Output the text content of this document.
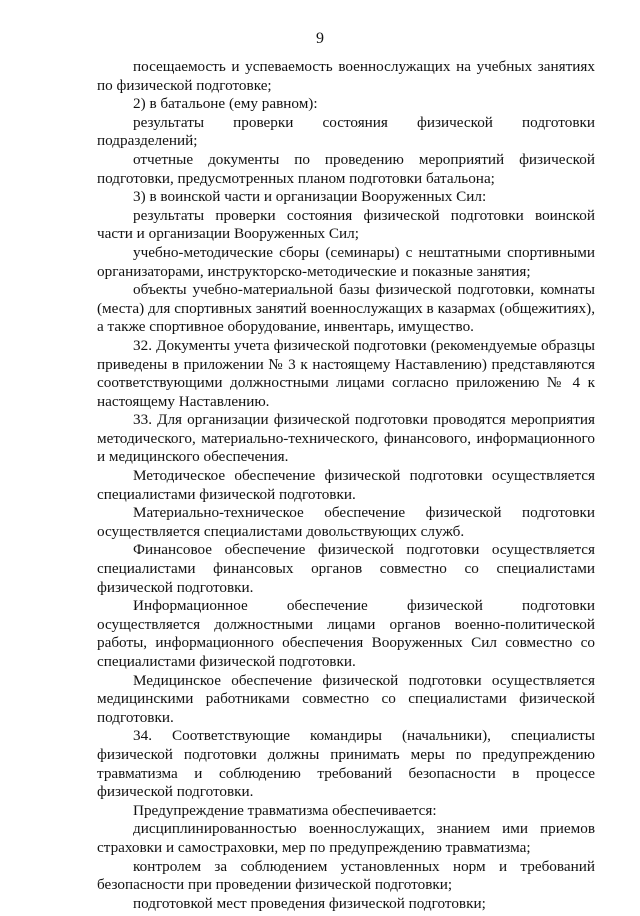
9

посещаемость и успеваемость военнослужащих на учебных занятиях по физической подготовке;

2) в батальоне (ему равном):

результаты проверки состояния физической подготовки подразделений;

отчетные документы по проведению мероприятий физической подготовки, предусмотренных планом подготовки батальона;

3) в воинской части и организации Вооруженных Сил:

результаты проверки состояния физической подготовки воинской части и организации Вооруженных Сил;

учебно-методические сборы (семинары) с нештатными спортивными организаторами, инструкторско-методические и показные занятия;

объекты учебно-материальной базы физической подготовки, комнаты (места) для спортивных занятий военнослужащих в казармах (общежитиях), а также спортивное оборудование, инвентарь, имущество.

32. Документы учета физической подготовки (рекомендуемые образцы приведены в приложении № 3 к настоящему Наставлению) представляются соответствующими должностными лицами согласно приложению № 4 к настоящему Наставлению.

33. Для организации физической подготовки проводятся мероприятия методического, материально-технического, финансового, информационного и медицинского обеспечения.

Методическое обеспечение физической подготовки осуществляется специалистами физической подготовки.

Материально-техническое обеспечение физической подготовки осуществляется специалистами довольствующих служб.

Финансовое обеспечение физической подготовки осуществляется специалистами финансовых органов совместно со специалистами физической подготовки.

Информационное обеспечение физической подготовки осуществляется должностными лицами органов военно-политической работы, информационного обеспечения Вооруженных Сил совместно со специалистами физической подготовки.

Медицинское обеспечение физической подготовки осуществляется медицинскими работниками совместно со специалистами физической подготовки.

34. Соответствующие командиры (начальники), специалисты физической подготовки должны принимать меры по предупреждению травматизма и соблюдению требований безопасности в процессе физической подготовки.

Предупреждение травматизма обеспечивается:

дисциплинированностью военнослужащих, знанием ими приемов страховки и самостраховки, мер по предупреждению травматизма;

контролем за соблюдением установленных норм и требований безопасности при проведении физической подготовки;

подготовкой мест проведения физической подготовки;
